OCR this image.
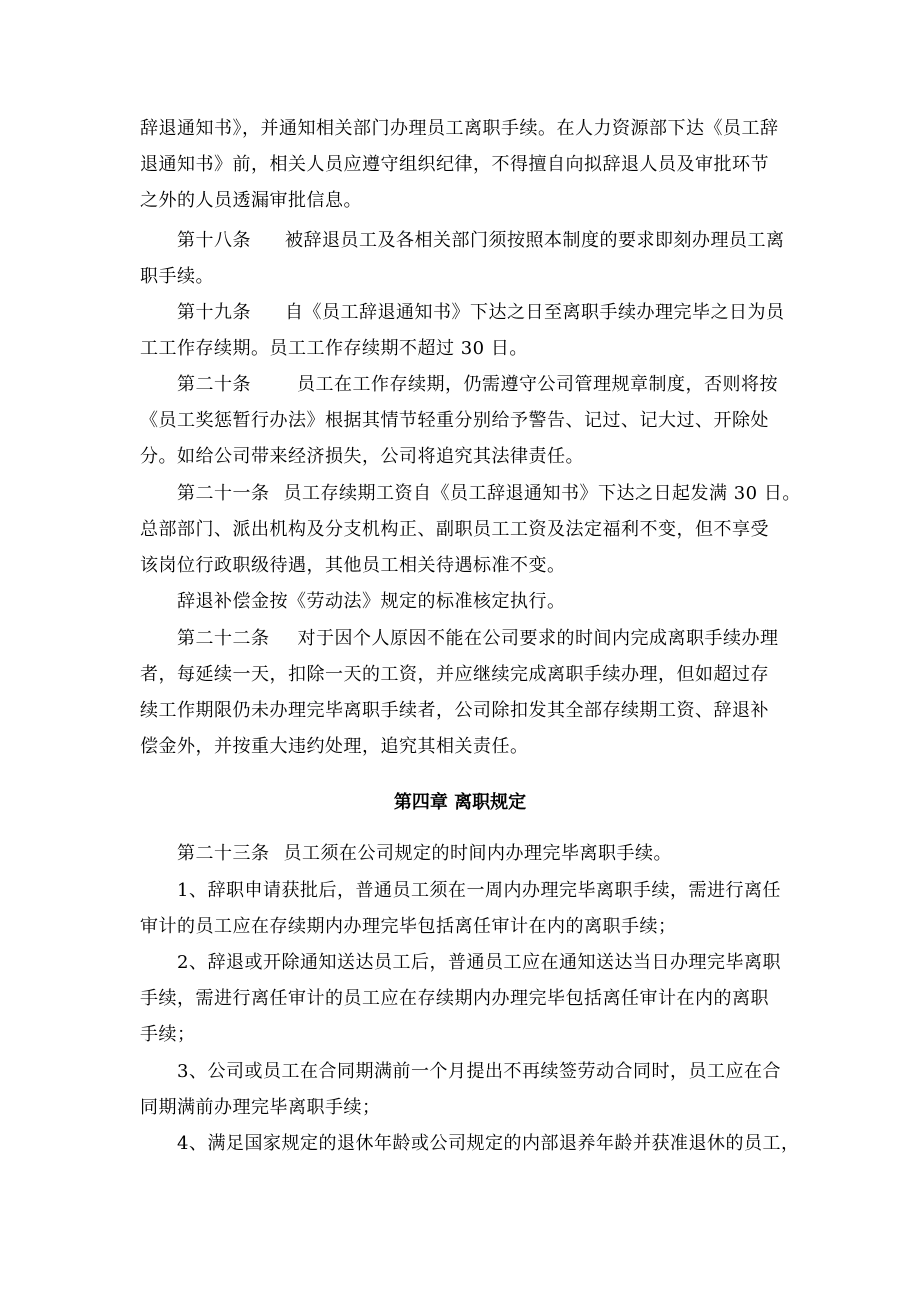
辞退通知书》，并通知相关部门办理员工离职手续。在人力资源部下达《员工辞
退通知书》前，相关人员应遵守组织纪律，不得擅自向拟辞退人员及审批环节
之外的人员透漏审批信息。
第十八条 被辞退员工及各相关部门须按照本制度的要求即刻办理员工离
职手续。
第十九条 自《员工辞退通知书》下达之日至离职手续办理完毕之日为员
工工作存续期。员工工作存续期不超过 30 日。
第二十条	员工在工作存续期，仍需遵守公司管理规章制度，否则将按
《员工奖惩暂行办法》根据其情节轻重分别给予警告、记过、记大过、开除处
分。如给公司带来经济损失，公司将追究其法律责任。
第二十一条 员工存续期工资自《员工辞退通知书》下达之日起发满 30 日。
总部部门、派出机构及分支机构正、副职员工工资及法定福利不变，但不享受
该岗位行政职级待遇，其他员工相关待遇标准不变。
辞退补偿金按《劳动法》规定的标准核定执行。
第二十二条 对于因个人原因不能在公司要求的时间内完成离职手续办理
者，每延续一天，扣除一天的工资，并应继续完成离职手续办理，但如超过存
续工作期限仍未办理完毕离职手续者，公司除扣发其全部存续期工资、辞退补
偿金外，并按重大违约处理，追究其相关责任。
第四章 离职规定
第二十三条 员工须在公司规定的时间内办理完毕离职手续。
1、辞职申请获批后，普通员工须在一周内办理完毕离职手续，需进行离任
审计的员工应在存续期内办理完毕包括离任审计在内的离职手续；
2、辞退或开除通知送达员工后，普通员工应在通知送达当日办理完毕离职
手续，需进行离任审计的员工应在存续期内办理完毕包括离任审计在内的离职
手续；
3、公司或员工在合同期满前一个月提出不再续签劳动合同时，员工应在合
同期满前办理完毕离职手续；
4、满足国家规定的退休年龄或公司规定的内部退养年龄并获准退休的员工，
